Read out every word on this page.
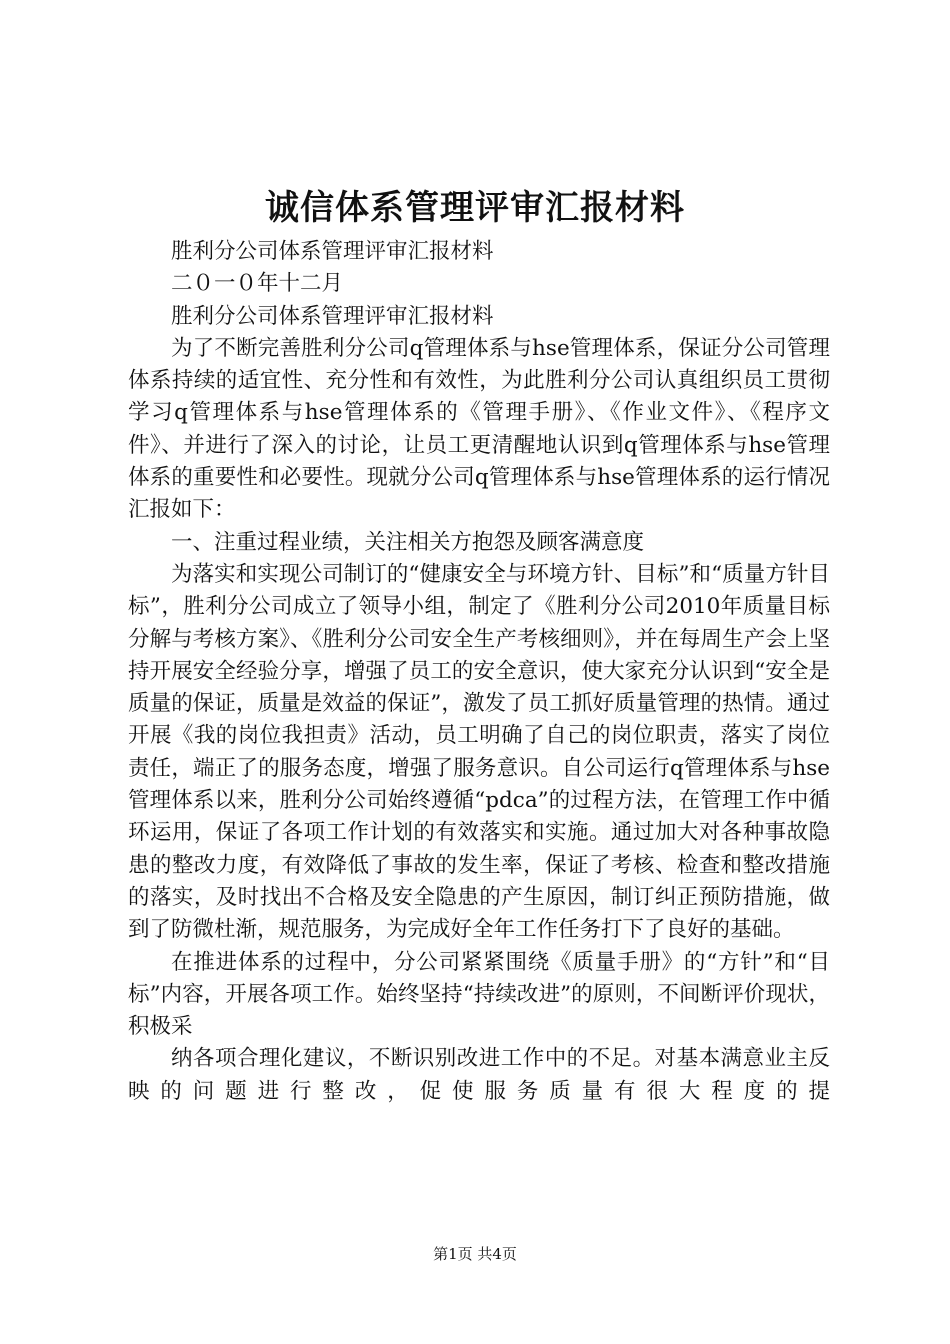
诚信体系管理评审汇报材料

胜利分公司体系管理评审汇报材料

二０一０年十二月

胜利分公司体系管理评审汇报材料

为了不断完善胜利分公司q管理体系与hse管理体系，保证分公司管理体系持续的适宜性、充分性和有效性，为此胜利分公司认真组织员工贯彻学习q管理体系与hse管理体系的《管理手册》、《作业文件》、《程序文件》、并进行了深入的讨论，让员工更清醒地认识到q管理体系与hse管理体系的重要性和必要性。现就分公司q管理体系与hse管理体系的运行情况汇报如下：

一、注重过程业绩，关注相关方抱怨及顾客满意度

为落实和实现公司制订的“健康安全与环境方针、目标”和“质量方针目标”，胜利分公司成立了领导小组，制定了《胜利分公司2010年质量目标分解与考核方案》、《胜利分公司安全生产考核细则》，并在每周生产会上坚持开展安全经验分享，增强了员工的安全意识，使大家充分认识到“安全是质量的保证，质量是效益的保证”，激发了员工抓好质量管理的热情。通过开展《我的岗位我担责》活动，员工明确了自己的岗位职责，落实了岗位责任，端正了的服务态度，增强了服务意识。自公司运行q管理体系与hse管理体系以来，胜利分公司始终遵循“pdca”的过程方法，在管理工作中循环运用，保证了各项工作计划的有效落实和实施。通过加大对各种事故隐患的整改力度，有效降低了事故的发生率，保证了考核、检查和整改措施的落实，及时找出不合格及安全隐患的产生原因，制订纠正预防措施，做到了防微杜渐，规范服务，为完成好全年工作任务打下了良好的基础。

在推进体系的过程中，分公司紧紧围绕《质量手册》的“方针”和“目标”内容，开展各项工作。始终坚持“持续改进”的原则，不间断评价现状，积极采

纳各项合理化建议，不断识别改进工作中的不足。对基本满意业主反映的问题进行整改，促使服务质量有很大程度的提

第1页 共4页
